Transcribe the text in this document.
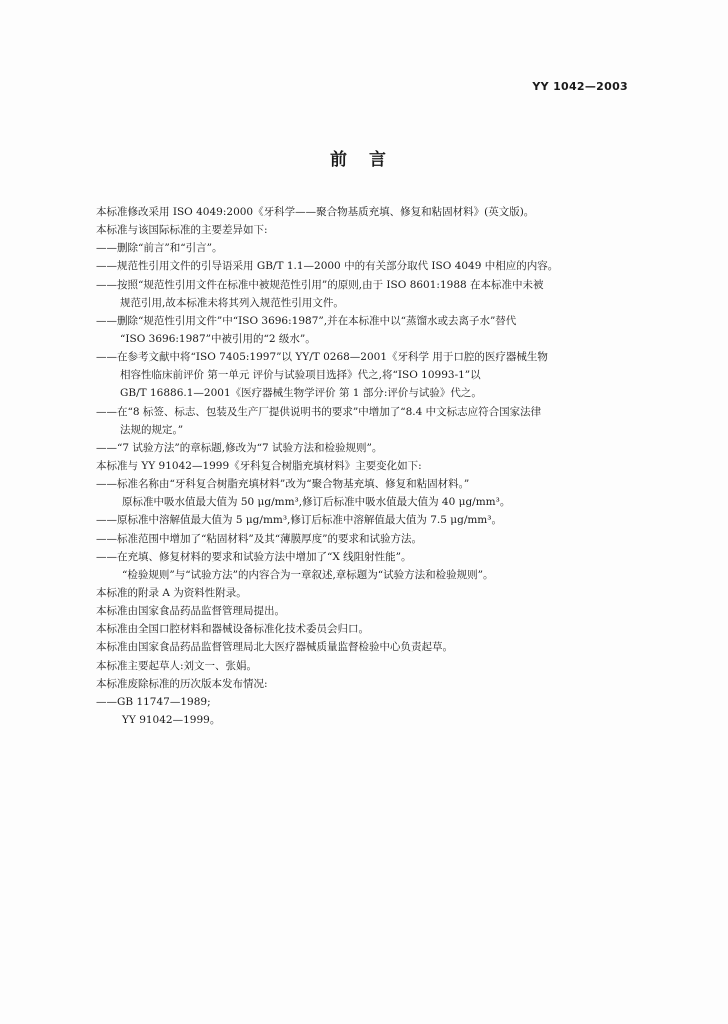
YY 1042—2003
前言
本标准修改采用 ISO 4049:2000《牙科学——聚合物基质充填、修复和粘固材料》(英文版)。
本标准与该国际标准的主要差异如下:
——删除“前言”和“引言”。
——规范性引用文件的引导语采用 GB/T 1.1—2000 中的有关部分取代 ISO 4049 中相应的内容。
——按照“规范性引用文件在标准中被规范性引用”的原则,由于 ISO 8601:1988 在本标准中未被
规范引用,故本标准未将其列入规范性引用文件。
——删除“规范性引用文件”中“ISO 3696:1987”,并在本标准中以“蒸馏水或去离子水”替代
“ISO 3696:1987”中被引用的“2 级水”。
——在参考文献中将“ISO 7405:1997”以 YY/T 0268—2001《牙科学 用于口腔的医疗器械生物
相容性临床前评价 第一单元 评价与试验项目选择》代之,将“ISO 10993-1”以
GB/T 16886.1—2001《医疗器械生物学评价 第 1 部分:评价与试验》代之。
——在“8 标签、标志、包装及生产厂提供说明书的要求”中增加了“8.4 中文标志应符合国家法律
法规的规定。”
——“7 试验方法”的章标题,修改为“7 试验方法和检验规则”。
本标准与 YY 91042—1999《牙科复合树脂充填材料》主要变化如下:
——标准名称由“牙科复合树脂充填材料”改为“聚合物基充填、修复和粘固材料。”
原标准中吸水值最大值为 50 μg/mm³,修订后标准中吸水值最大值为 40 μg/mm³。
——原标准中溶解值最大值为 5 μg/mm³,修订后标准中溶解值最大值为 7.5 μg/mm³。
——标准范围中增加了“粘固材料”及其“薄膜厚度”的要求和试验方法。
——在充填、修复材料的要求和试验方法中增加了“X 线阻射性能”。
“检验规则”与“试验方法”的内容合为一章叙述,章标题为“试验方法和检验规则”。
本标准的附录 A 为资料性附录。
本标准由国家食品药品监督管理局提出。
本标准由全国口腔材料和器械设备标准化技术委员会归口。
本标准由国家食品药品监督管理局北大医疗器械质量监督检验中心负责起草。
本标准主要起草人:刘文一、张娟。
本标准废除标准的历次版本发布情况:
——GB 11747—1989;
YY 91042—1999。
